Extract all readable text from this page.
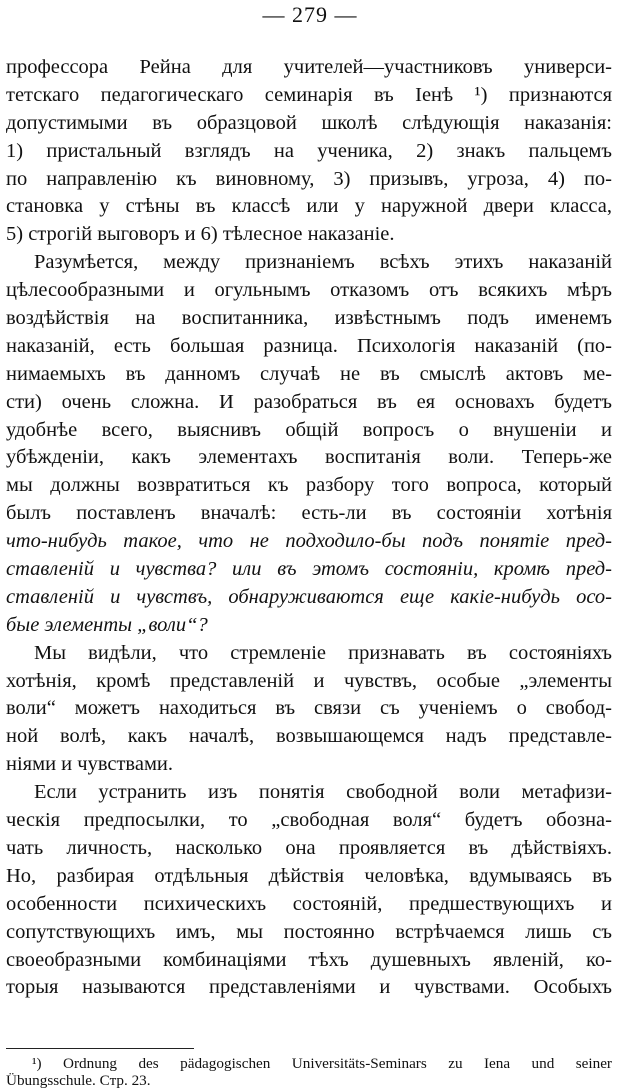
— 279 —
профессора Рейна для учителей—участниковъ универси-
тетскаго педагогическаго семинарія въ Іенѣ ¹) признаются
допустимыми въ образцовой школѣ слѣдующія наказанія:
1) пристальный взглядъ на ученика, 2) знакъ пальцемъ
по направленію къ виновному, 3) призывъ, угроза, 4) по-
становка у стѣны въ классѣ или у наружной двери класса,
5) строгій выговоръ и 6) тѣлесное наказаніе.
Разумѣется, между признаніемъ всѣхъ этихъ наказаній
цѣлесообразными и огульнымъ отказомъ отъ всякихъ мѣръ
воздѣйствія на воспитанника, извѣстнымъ подъ именемъ
наказаній, есть большая разница. Психологія наказаній (по-
нимаемыхъ въ данномъ случаѣ не въ смыслѣ актовъ ме-
сти) очень сложна. И разобраться въ ея основахъ будетъ
удобнѣе всего, выяснивъ общій вопросъ о внушеніи и
убѣжденіи, какъ элементахъ воспитанія воли. Теперь-же
мы должны возвратиться къ разбору того вопроса, который
былъ поставленъ вначалѣ: есть-ли въ состояніи хотѣнія
что-нибудь такое, что не подходило-бы подъ понятіе пред-
ставленій и чувства? или въ этомъ состояніи, кромѣ пред-
ставленій и чувствъ, обнаруживаются еще какіе-нибудь осо-
бые элементы „воли“?
Мы видѣли, что стремленіе признавать въ состояніяхъ
хотѣнія, кромѣ представленій и чувствъ, особые „элементы
воли“ можетъ находиться въ связи съ ученіемъ о свобод-
ной волѣ, какъ началѣ, возвышающемся надъ представле-
ніями и чувствами.
Если устранить изъ понятія свободной воли метафизи-
ческія предпосылки, то „свободная воля“ будетъ обозна-
чать личность, насколько она проявляется въ дѣйствіяхъ.
Но, разбирая отдѣльныя дѣйствія человѣка, вдумываясь въ
особенности психическихъ состояній, предшествующихъ и
сопутствующихъ имъ, мы постоянно встрѣчаемся лишь съ
своеобразными комбинаціями тѣхъ душевныхъ явленій, ко-
торыя называются представленіями и чувствами. Особыхъ
¹) Ordnung des pädagogischen Universitäts-Seminars zu Iena und seiner
Übungsschule. Стр. 23.
